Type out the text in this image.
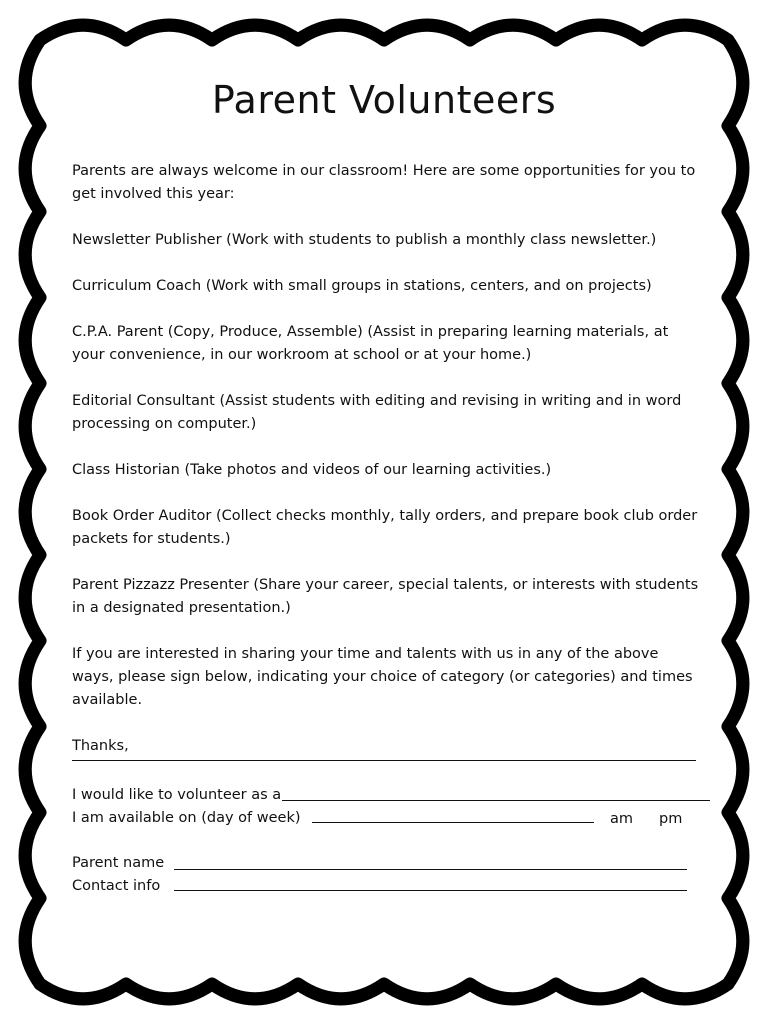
Parent Volunteers

Parents are always welcome in our classroom! Here are some opportunities for you to get involved this year:

Newsletter Publisher (Work with students to publish a monthly class newsletter.)

Curriculum Coach (Work with small groups in stations, centers, and on projects)

C.P.A. Parent (Copy, Produce, Assemble) (Assist in preparing learning materials, at your convenience, in our workroom at school or at your home.)

Editorial Consultant (Assist students with editing and revising in writing and in word processing on computer.)

Class Historian (Take photos and videos of our learning activities.)

Book Order Auditor (Collect checks monthly, tally orders, and prepare book club order packets for students.)

Parent Pizzazz Presenter (Share your career, special talents, or interests with students in a designated presentation.)

If you are interested in sharing your time and talents with us in any of the above ways, please sign below, indicating your choice of category (or categories) and times available.

Thanks,

I would like to volunteer as a
I am available on (day of week)	am pm
Parent name
Contact info
